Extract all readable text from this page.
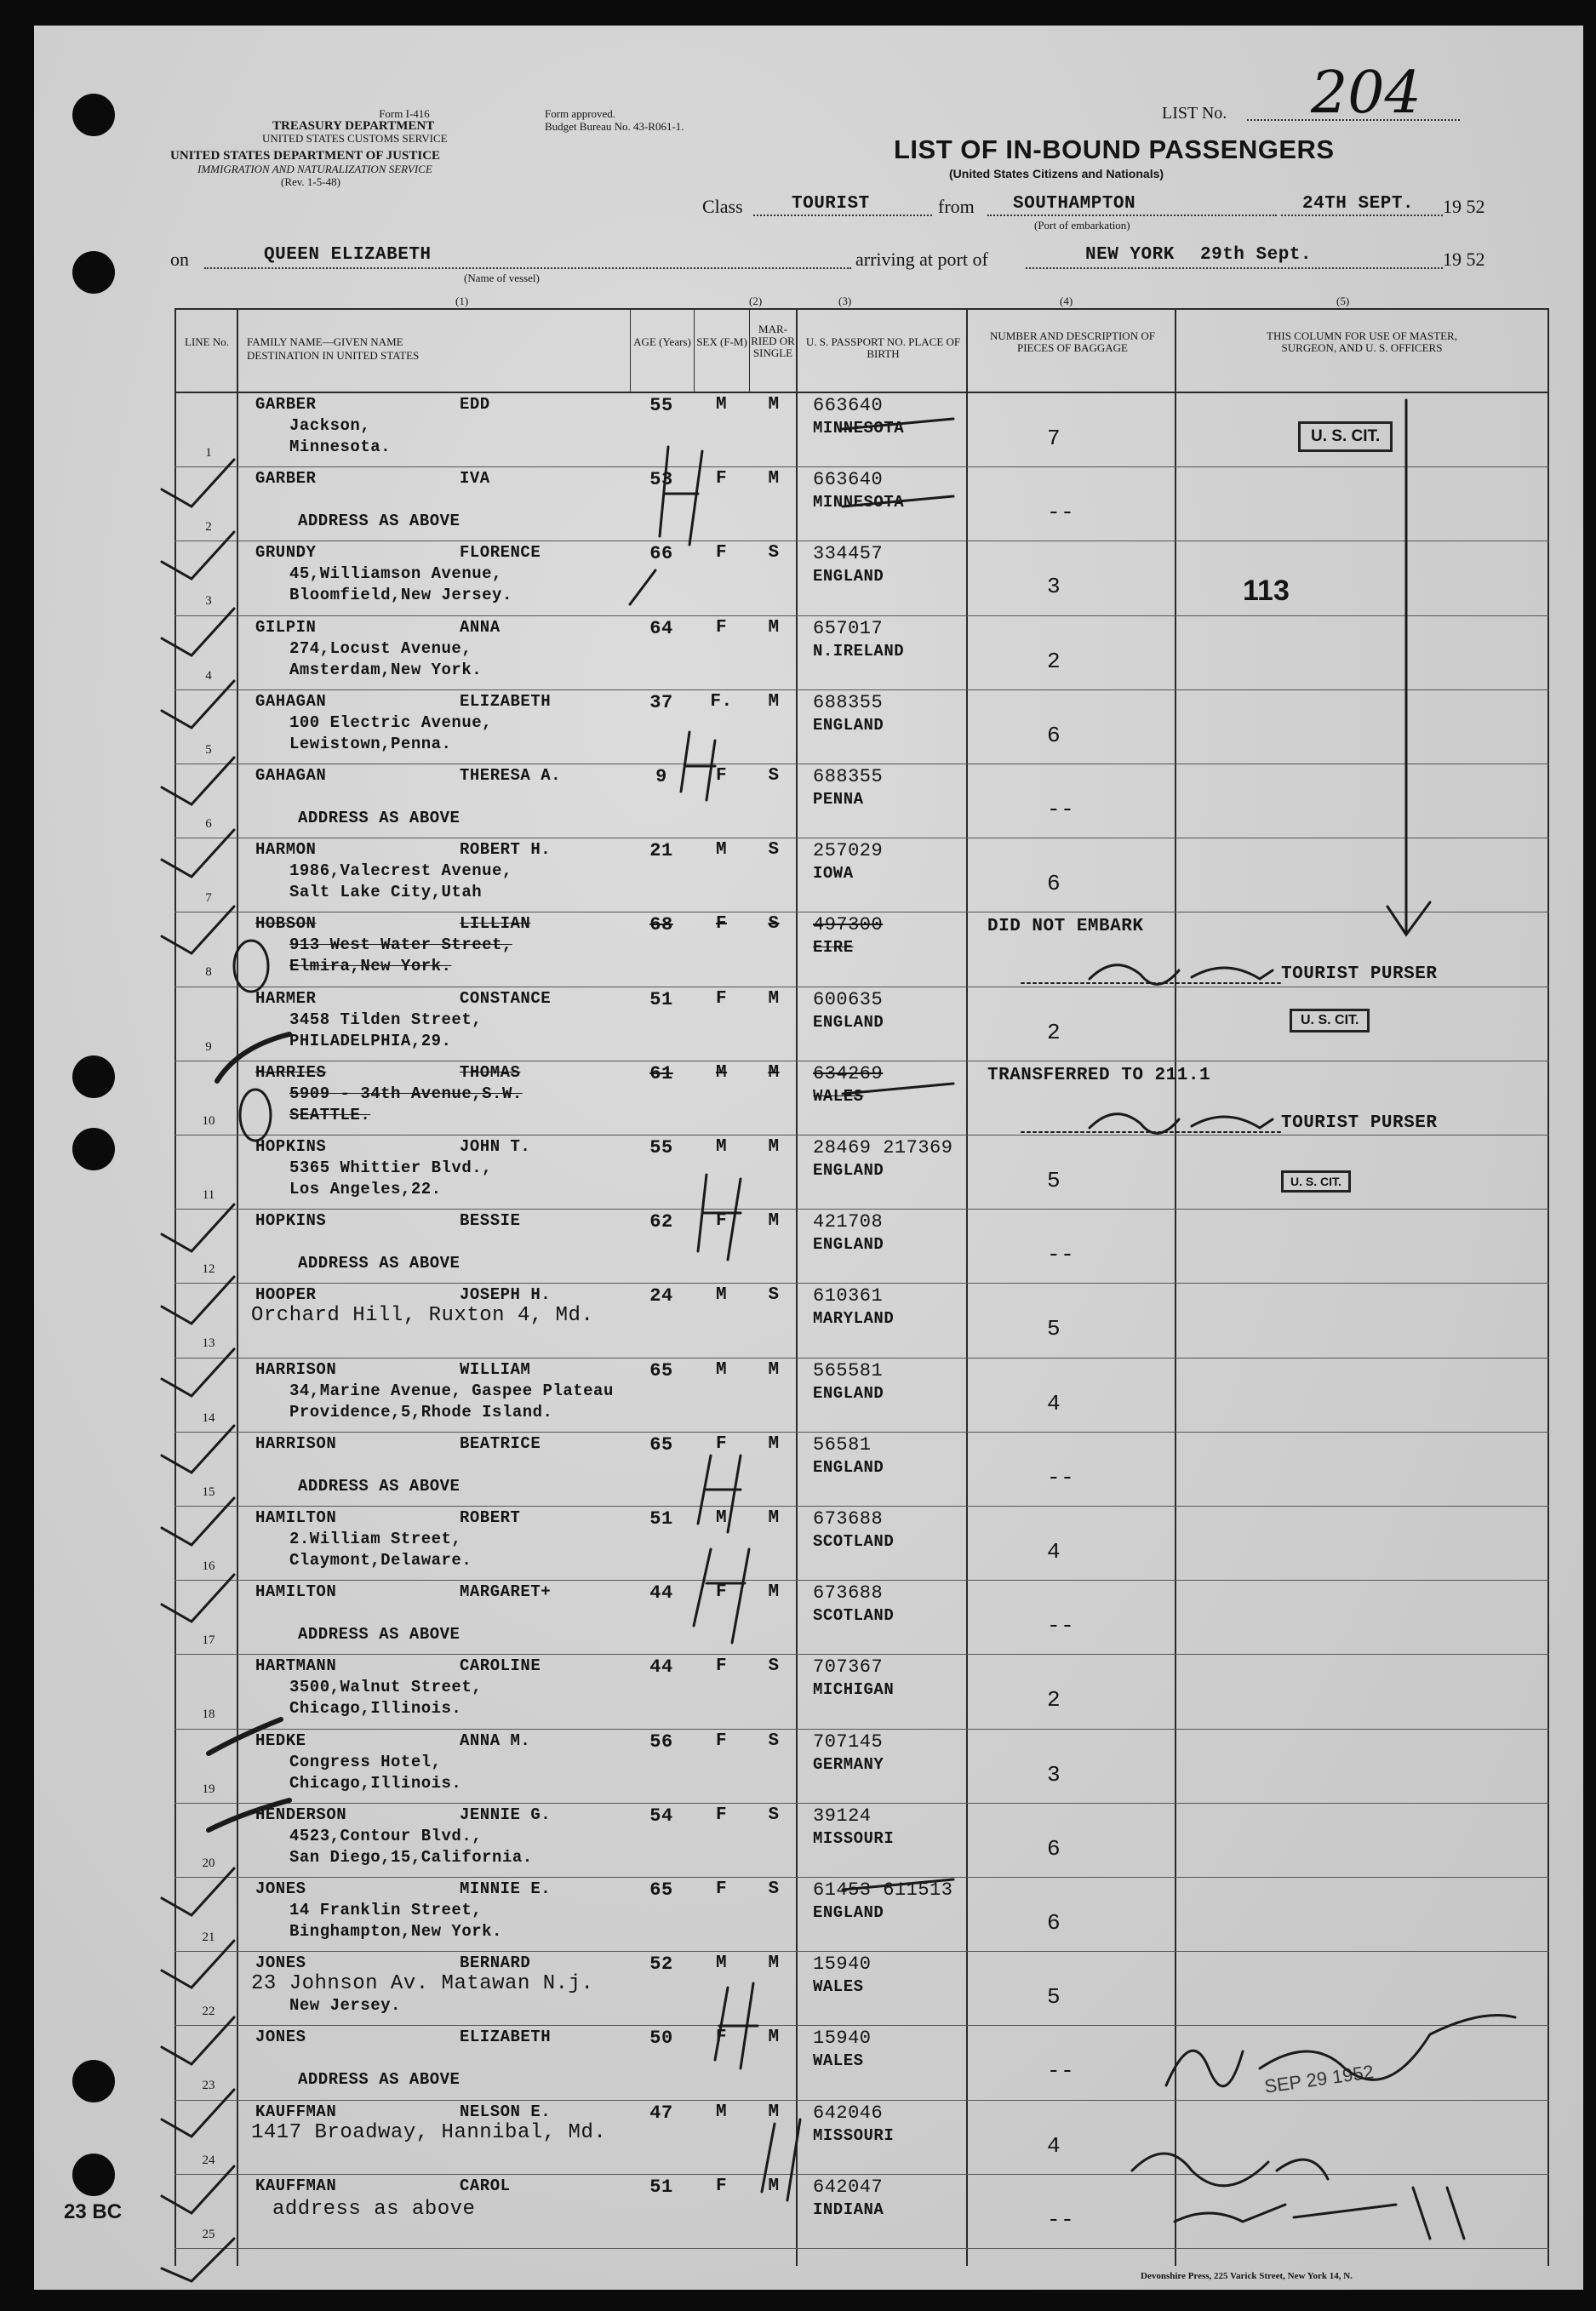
Form I-416
TREASURY DEPARTMENT
UNITED STATES CUSTOMS SERVICE
UNITED STATES DEPARTMENT OF JUSTICE
IMMIGRATION AND NATURALIZATION SERVICE
(Rev. 1-5-48)
Form approved.
Budget Bureau No. 43-R061-1.
LIST No. 204
LIST OF IN-BOUND PASSENGERS
(United States Citizens and Nationals)
Class	TOURIST	from SOUTHAMPTON
(Port of embarkation)
24TH SEPT. 19 52
on	QUEEN ELIZABETH
(Name of vessel)
arriving at port of	NEW YORK 29th Sept.	19 52
(1)	(2)	(3)	(4)	(5)
LINE No.	FAMILY NAME—GIVEN NAME
DESTINATION IN UNITED STATES
AGE (Years) SEX (F-M)
MAR-RIED OR SINGLE
U. S. PASSPORT NO. PLACE OF BIRTH
NUMBER AND DESCRIPTION OF PIECES OF BAGGAGE
THIS COLUMN FOR USE OF MASTER, SURGEON, AND U. S. OFFICERS
1
GARBER	EDD
Jackson,
Minnesota.
55	M	M	663640
MINNESOTA	7
2
GARBER	IVA
ADDRESS AS ABOVE
53	F	M	663640
MINNESOTA	--
3
GRUNDY	FLORENCE
45,Williamson Avenue,
Bloomfield,New Jersey.
66	F	S	334457
ENGLAND	3
4
GILPIN	ANNA
274,Locust Avenue,
Amsterdam,New York.
64	F	M	657017
N.IRELAND	2
5
GAHAGAN	ELIZABETH
100 Electric Avenue,
Lewistown,Penna.
37	F.	M	688355
ENGLAND	6
6
GAHAGAN	THERESA A.
ADDRESS AS ABOVE
9	F	S	688355
PENNA	--
7
HARMON	ROBERT H.
1986,Valecrest Avenue,
Salt Lake City,Utah
21	M	S	257029
IOWA	6
8
HOBSON	LILLIAN
913 West Water Street,
Elmira,New York.
68	F	S	497300
EIRE
DID NOT EMBARK
9
HARMER	CONSTANCE
3458 Tilden Street,
PHILADELPHIA,29.
51	F	M	600635
ENGLAND	2
10
HARRIES	THOMAS
5909 - 34th Avenue,S.W.
SEATTLE.
61	M	M	634269
WALES
TRANSFERRED TO 211.1
11
HOPKINS	JOHN T.
5365 Whittier Blvd.,
Los Angeles,22.
55	M	M	28469 217369
ENGLAND	5
12
HOPKINS	BESSIE
ADDRESS AS ABOVE
62	F	M	421708
ENGLAND	--
13
HOOPER	JOSEPH H.
Orchard Hill, Ruxton 4, Md.
24	M	S	610361
MARYLAND	5
14
HARRISON	WILLIAM
34,Marine Avenue, Gaspee Plateau
Providence,5,Rhode Island.
65	M	M	565581
ENGLAND	4
15
HARRISON	BEATRICE
ADDRESS AS ABOVE
65	F	M	56581
ENGLAND	--
16
HAMILTON	ROBERT
2.William Street,
Claymont,Delaware.
51	M	M	673688
SCOTLAND	4
17
HAMILTON	MARGARET+
ADDRESS AS ABOVE
44	F	M	673688
SCOTLAND	--
18
HARTMANN	CAROLINE
3500,Walnut Street,
Chicago,Illinois.
44	F	S	707367
MICHIGAN	2
19
HEDKE	ANNA M.
Congress Hotel,
Chicago,Illinois.
56	F	S	707145
GERMANY	3
20
HENDERSON	JENNIE G.
4523,Contour Blvd.,
San Diego,15,California.
54	F	S	39124
MISSOURI	6
21
JONES	MINNIE E.
14 Franklin Street,
Binghampton,New York.
65	F	S	61453 611513
ENGLAND	6
22
JONES	BERNARD
23 Johnson Av. Matawan N.j.
New Jersey.
52	M	M	15940
WALES	5
23
JONES	ELIZABETH
ADDRESS AS ABOVE
50	F	M	15940
WALES	--
24
KAUFFMAN	NELSON E.
1417 Broadway, Hannibal, Md.
47	M	M	642046
MISSOURI	4
25
KAUFFMAN	CAROL
address as above
51	F	M	642047
INDIANA	--
U. S. CIT.
U. S. CIT.
U. S. CIT.
113
TOURIST PURSER
TOURIST PURSER
SEP 29 1952
23 BC
Devonshire Press, 225 Varick Street, New York 14, N.
